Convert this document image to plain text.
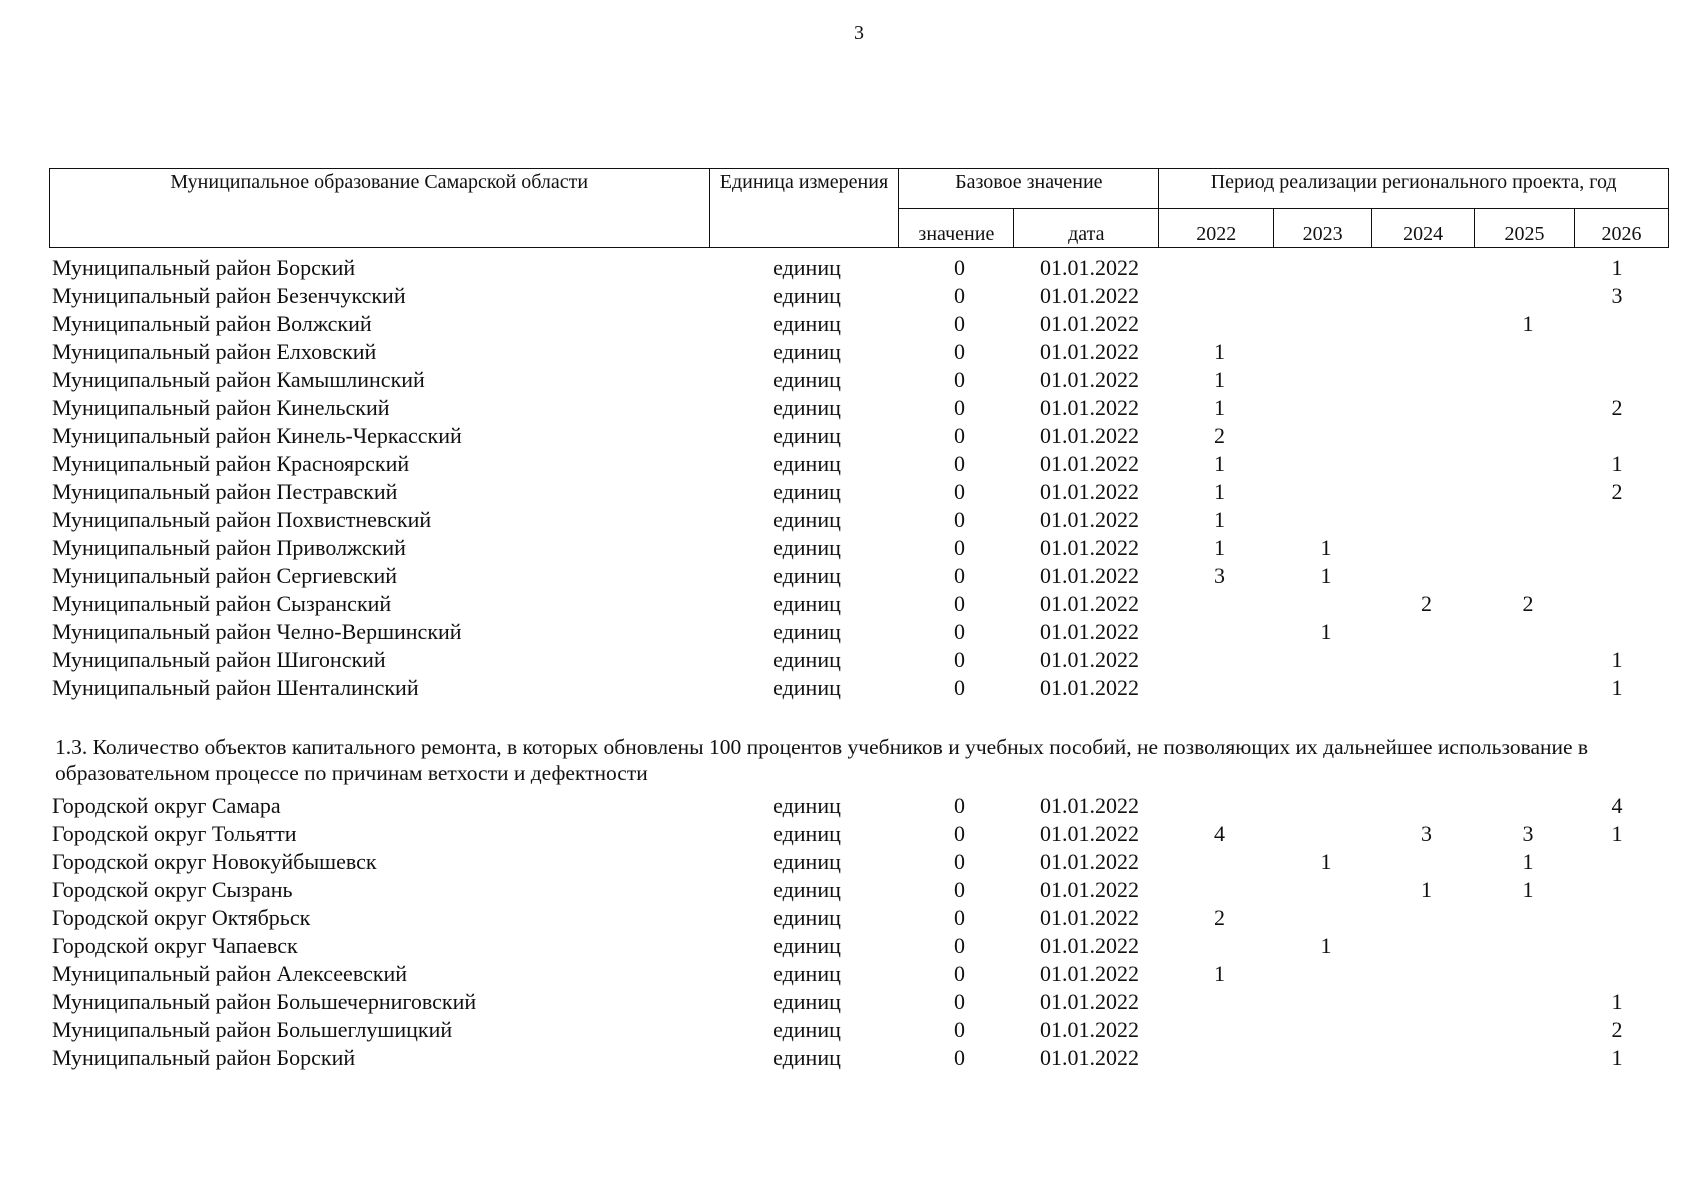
3
Муниципальное образование Самарской области	Единица измерения	Базовое значение		Период реализации регионального проекта, год				
		значение	дата	2022	2023	2024	2025	2026
Муниципальный район Борский	единиц	0	01.01.2022					1
Муниципальный район Безенчукский	единиц	0	01.01.2022					3
Муниципальный район Волжский	единиц	0	01.01.2022				1	
Муниципальный район Елховский	единиц	0	01.01.2022	1				
Муниципальный район Камышлинский	единиц	0	01.01.2022	1				
Муниципальный район Кинельский	единиц	0	01.01.2022	1				2
Муниципальный район Кинель-Черкасский	единиц	0	01.01.2022	2				
Муниципальный район Красноярский	единиц	0	01.01.2022	1				1
Муниципальный район Пестравский	единиц	0	01.01.2022	1				2
Муниципальный район Похвистневский	единиц	0	01.01.2022	1				
Муниципальный район Приволжский	единиц	0	01.01.2022	1	1			
Муниципальный район Сергиевский	единиц	0	01.01.2022	3	1			
Муниципальный район Сызранский	единиц	0	01.01.2022			2	2	
Муниципальный район Челно-Вершинский	единиц	0	01.01.2022		1			
Муниципальный район Шигонский	единиц	0	01.01.2022					1
Муниципальный район Шенталинский	единиц	0	01.01.2022					1
1.3. Количество объектов капитального ремонта, в которых обновлены 100 процентов учебников и учебных пособий, не позволяющих их дальнейшее использование в образовательном процессе по причинам ветхости и дефектности
Городской округ Самара	единиц	0	01.01.2022					4
Городской округ Тольятти	единиц	0	01.01.2022	4		3	3	1
Городской округ Новокуйбышевск	единиц	0	01.01.2022		1		1	
Городской округ Сызрань	единиц	0	01.01.2022			1	1	
Городской округ Октябрьск	единиц	0	01.01.2022	2				
Городской округ Чапаевск	единиц	0	01.01.2022		1			
Муниципальный район Алексеевский	единиц	0	01.01.2022	1				
Муниципальный район Большечерниговский	единиц	0	01.01.2022					1
Муниципальный район Большеглушицкий	единиц	0	01.01.2022					2
Муниципальный район Борский	единиц	0	01.01.2022					1
